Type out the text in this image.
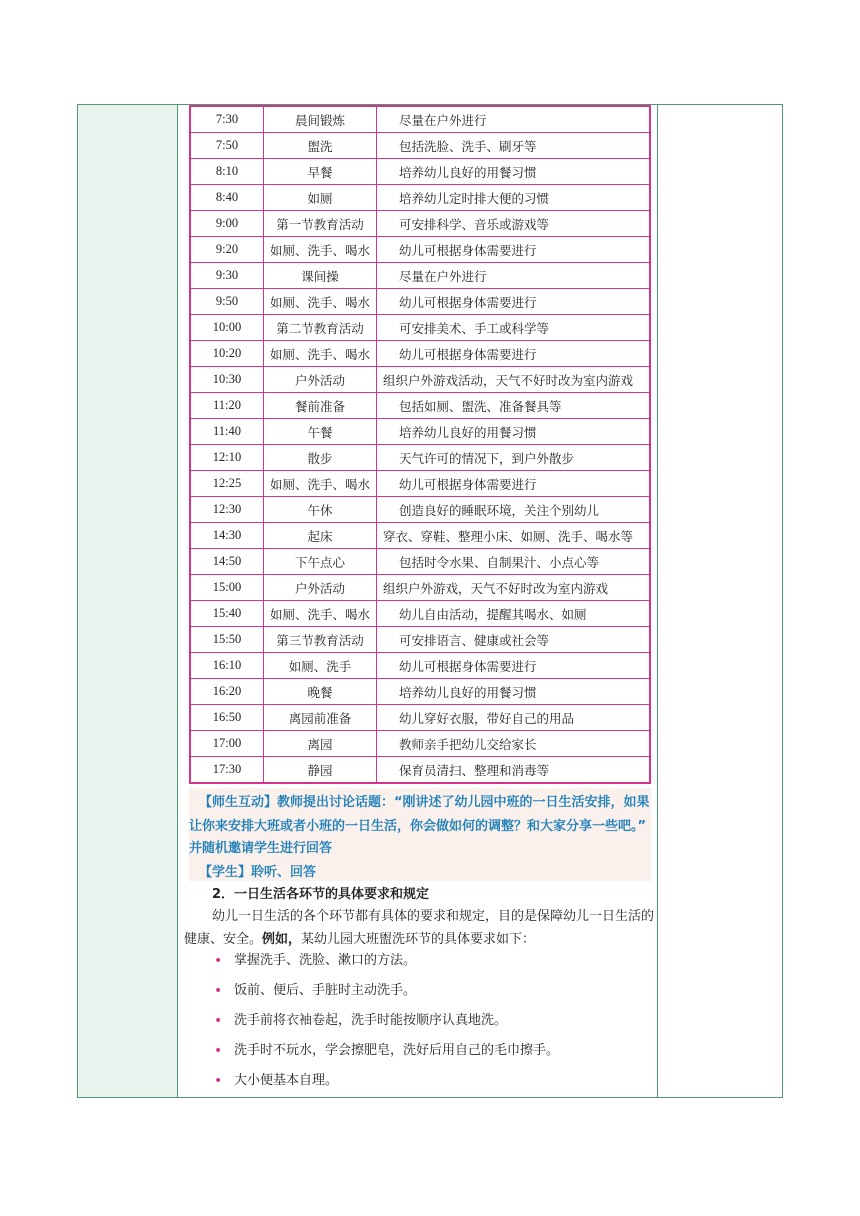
7:30	晨间锻炼	尽量在户外进行
7:50	盥洗	包括洗脸、洗手、刷牙等
8:10	早餐	培养幼儿良好的用餐习惯
8:40	如厕	培养幼儿定时排大便的习惯
9:00	第一节教育活动	可安排科学、音乐或游戏等
9:20	如厕、洗手、喝水	幼儿可根据身体需要进行
9:30	课间操	尽量在户外进行
9:50	如厕、洗手、喝水	幼儿可根据身体需要进行
10:00	第二节教育活动	可安排美术、手工或科学等
10:20	如厕、洗手、喝水	幼儿可根据身体需要进行
10:30	户外活动	组织户外游戏活动，天气不好时改为室内游戏
11:20	餐前准备	包括如厕、盥洗、准备餐具等
11:40	午餐	培养幼儿良好的用餐习惯
12:10	散步	天气许可的情况下，到户外散步
12:25	如厕、洗手、喝水	幼儿可根据身体需要进行
12:30	午休	创造良好的睡眠环境，关注个别幼儿
14:30	起床	穿衣、穿鞋、整理小床、如厕、洗手、喝水等
14:50	下午点心	包括时令水果、自制果汁、小点心等
15:00	户外活动	组织户外游戏，天气不好时改为室内游戏
15:40	如厕、洗手、喝水	幼儿自由活动，提醒其喝水、如厕
15:50	第三节教育活动	可安排语言、健康或社会等
16:10	如厕、洗手	幼儿可根据身体需要进行
16:20	晚餐	培养幼儿良好的用餐习惯
16:50	离园前准备	幼儿穿好衣服，带好自己的用品
17:00	离园	教师亲手把幼儿交给家长
17:30	静园	保育员清扫、整理和消毒等

【师生互动】教师提出讨论话题：“刚讲述了幼儿园中班的一日生活安排，如果

让你来安排大班或者小班的一日生活，你会做如何的调整？和大家分享一些吧。”

并随机邀请学生进行回答

【学生】聆听、回答

2．一日生活各环节的具体要求和规定
幼儿一日生活的各个环节都有具体的要求和规定，目的是保障幼儿一日生活的健康、安全。例如，某幼儿园大班盥洗环节的具体要求如下：
• 掌握洗手、洗脸、漱口的方法。
• 饭前、便后、手脏时主动洗手。
• 洗手前将衣袖卷起，洗手时能按顺序认真地洗。
• 洗手时不玩水，学会擦肥皂，洗好后用自己的毛巾擦手。
• 大小便基本自理。
